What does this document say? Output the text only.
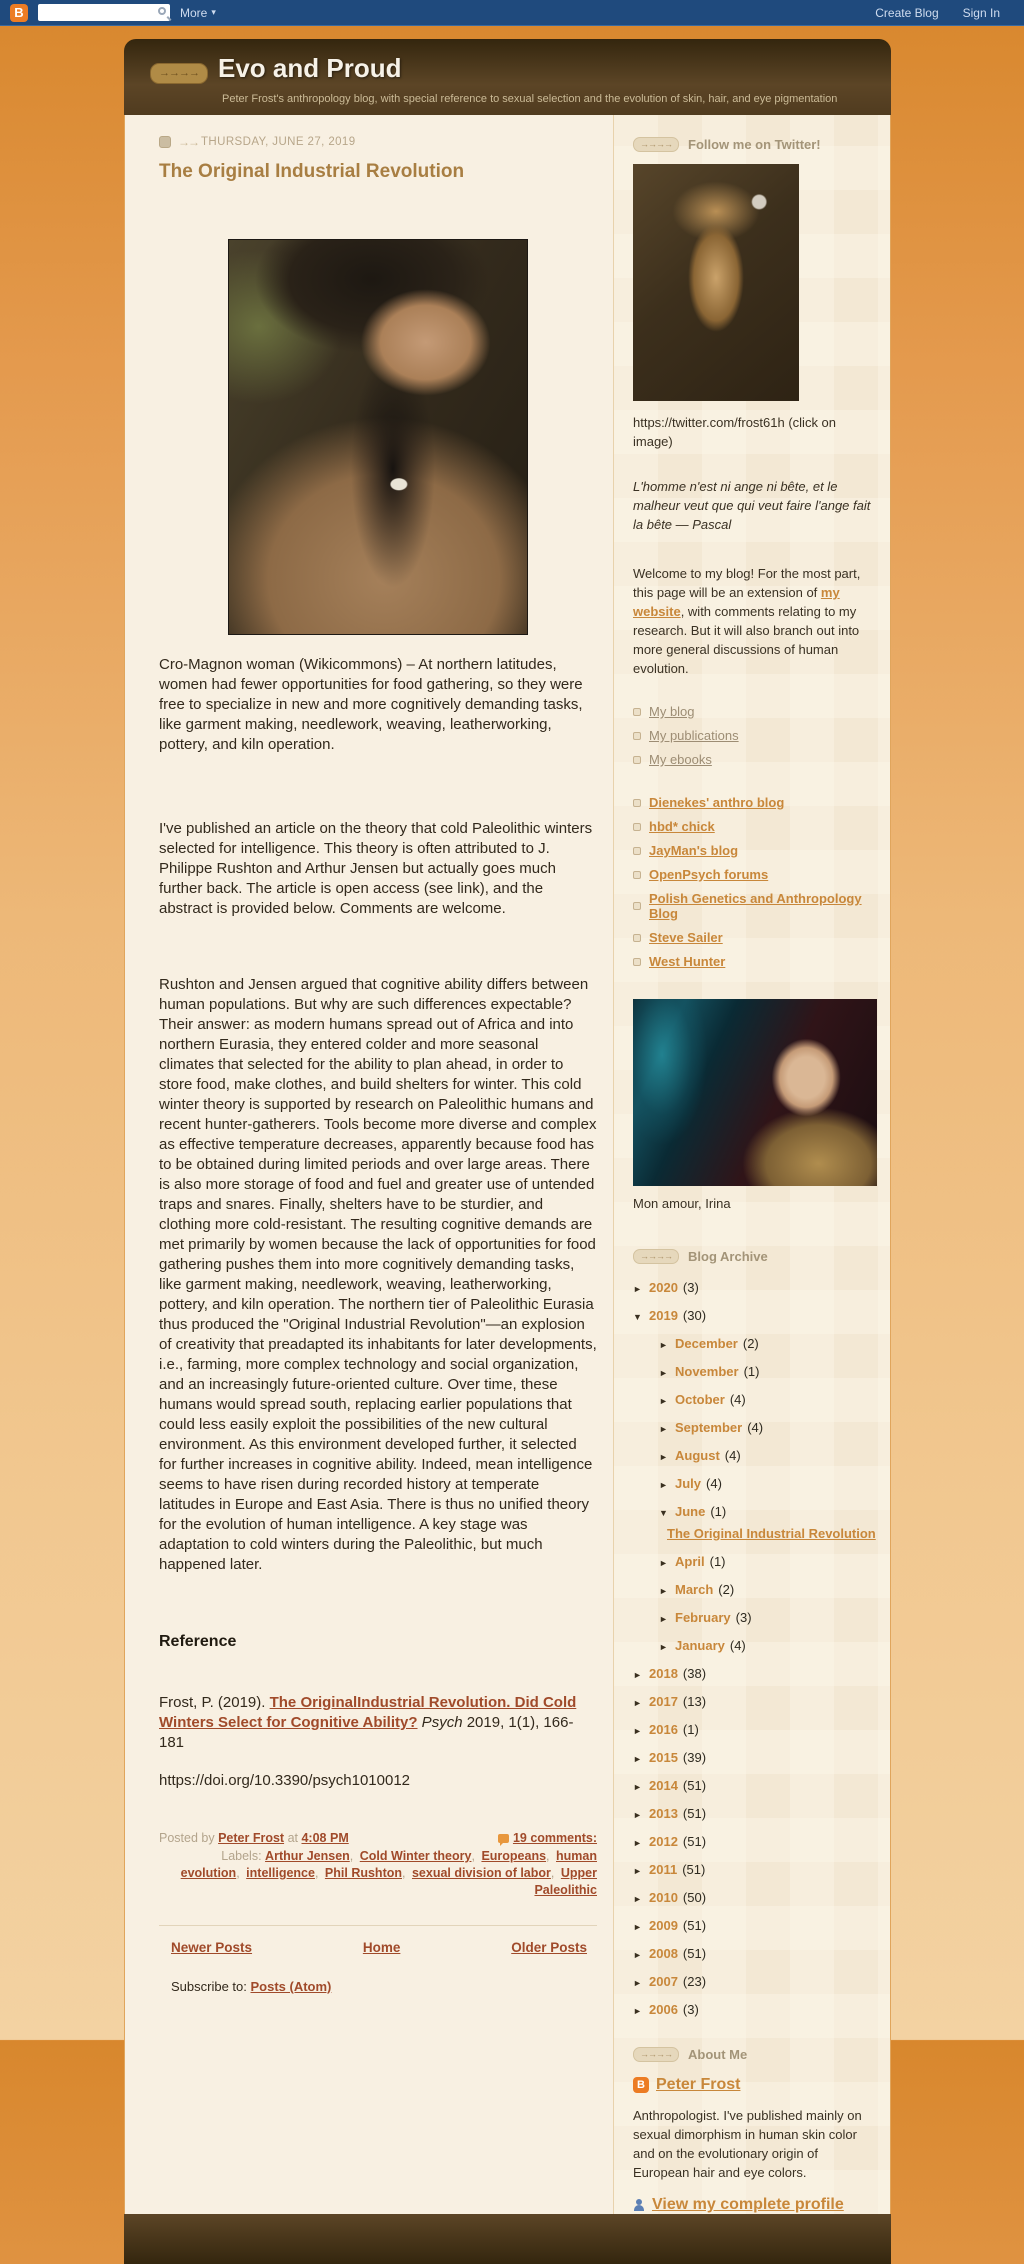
B	More ▾	Create Blog Sign In
→→→→ Evo and Proud
Peter Frost's anthropology blog, with special reference to sexual selection and the evolution of skin, hair, and eye pigmentation
→→ THURSDAY, JUNE 27, 2019
The Original Industrial Revolution

Cro-Magnon woman (Wikicommons) – At northern latitudes, women had fewer opportunities for food gathering, so they were free to specialize in new and more cognitively demanding tasks, like garment making, needlework, weaving, leatherworking, pottery, and kiln operation.

I've published an article on the theory that cold Paleolithic winters selected for intelligence. This theory is often attributed to J. Philippe Rushton and Arthur Jensen but actually goes much further back. The article is open access (see link), and the abstract is provided below. Comments are welcome.

Rushton and Jensen argued that cognitive ability differs between human populations. But why are such differences expectable? Their answer: as modern humans spread out of Africa and into northern Eurasia, they entered colder and more seasonal climates that selected for the ability to plan ahead, in order to store food, make clothes, and build shelters for winter. This cold winter theory is supported by research on Paleolithic humans and recent hunter-gatherers. Tools become more diverse and complex as effective temperature decreases, apparently because food has to be obtained during limited periods and over large areas. There is also more storage of food and fuel and greater use of untended traps and snares. Finally, shelters have to be sturdier, and clothing more cold-resistant. The resulting cognitive demands are met primarily by women because the lack of opportunities for food gathering pushes them into more cognitively demanding tasks, like garment making, needlework, weaving, leatherworking, pottery, and kiln operation. The northern tier of Paleolithic Eurasia thus produced the "Original Industrial Revolution"—an explosion of creativity that preadapted its inhabitants for later developments, i.e., farming, more complex technology and social organization, and an increasingly future-oriented culture. Over time, these humans would spread south, replacing earlier populations that could less easily exploit the possibilities of the new cultural environment. As this environment developed further, it selected for further increases in cognitive ability. Indeed, mean intelligence seems to have risen during recorded history at temperate latitudes in Europe and East Asia. There is thus no unified theory for the evolution of human intelligence. A key stage was adaptation to cold winters during the Paleolithic, but much happened later.

Reference

Frost, P. (2019). The OriginalIndustrial Revolution. Did Cold Winters Select for Cognitive Ability? Psych 2019, 1(1), 166-181

https://doi.org/10.3390/psych1010012

Posted by
Peter Frost
at
4:08 PM	19 comments:
Labels: Arthur Jensen, Cold Winter theory, Europeans, human evolution, intelligence, Phil Rushton, sexual division of labor, Upper Paleolithic
Newer Posts	Home	Older Posts
Subscribe to: Posts (Atom)
→→→→	Follow me on Twitter!

https://twitter.com/frost61h (click on image)

L'homme n'est ni ange ni bête, et le malheur veut que qui veut faire l'ange fait la bête — Pascal

Welcome to my blog! For the most part, this page will be an extension of my website, with comments relating to my research. But it will also branch out into more general discussions of human evolution.

My blog
My publications
My ebooks
Dienekes' anthro blog
hbd* chick
JayMan's blog
OpenPsych forums
Polish Genetics and Anthropology Blog
Steve Sailer
West Hunter

Mon amour, Irina

→→→→	Blog Archive
► 2020 (3)
▼ 2019 (30)
► December (2)
► November (1)
► October (4)
► September (4)
► August (4)
► July (4)
▼ June (1)
The Original Industrial Revolution
► April (1)
► March (2)
► February (3)
► January (4)
► 2018 (38)
► 2017 (13)
► 2016 (1)
► 2015 (39)
► 2014 (51)
► 2013 (51)
► 2012 (51)
► 2011 (51)
► 2010 (50)
► 2009 (51)
► 2008 (51)
► 2007 (23)
► 2006 (3)
→→→→	About Me
B Peter Frost

Anthropologist. I've published mainly on sexual dimorphism in human skin color and on the evolutionary origin of European hair and eye colors.

View my complete profile
